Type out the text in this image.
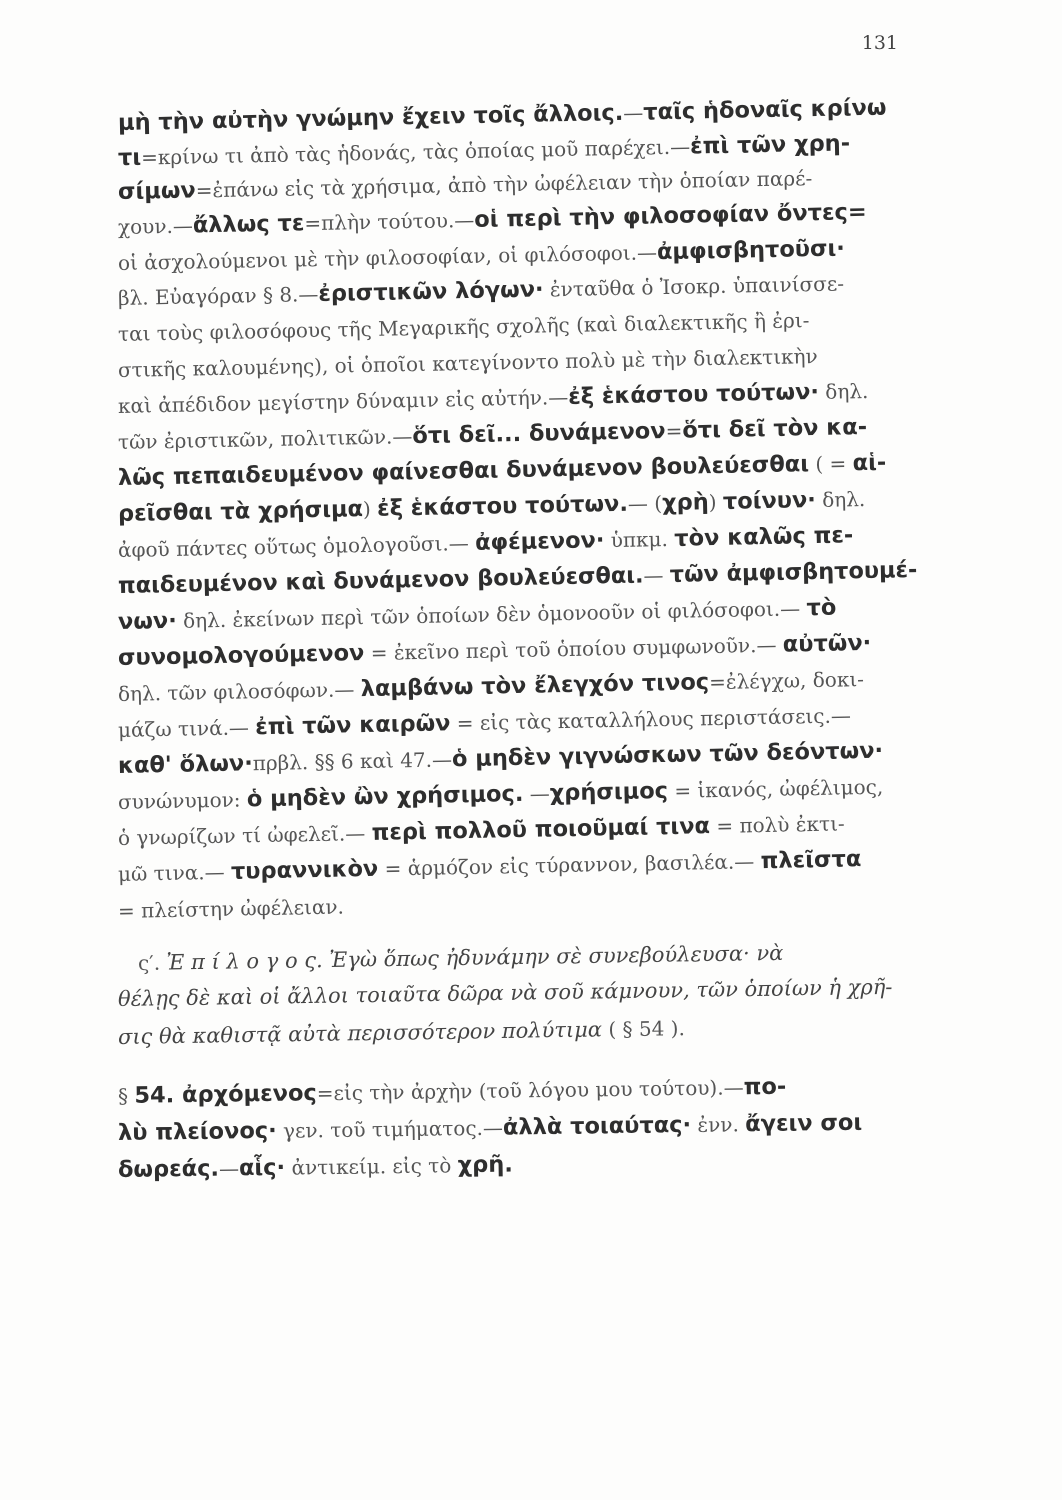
131
μὴ τὴν αὐτὴν γνώμην ἔχειν τοῖς ἄλλοις.—ταῖς ἡδοναῖς κρίνω
τι=κρίνω τι ἀπὸ τὰς ἡδονάς, τὰς ὁποίας μοῦ παρέχει.—ἐπὶ τῶν χρη-
σίμων=ἐπάνω εἰς τὰ χρήσιμα, ἀπὸ τὴν ὠφέλειαν τὴν ὁποίαν παρέ-
χουν.—ἄλλως τε=πλὴν τούτου.—οἱ περὶ τὴν φιλοσοφίαν ὄντες=
οἱ ἀσχολούμενοι μὲ τὴν φιλοσοφίαν, οἱ φιλόσοφοι.—ἀμφισβητοῦσι·
βλ. Εὐαγόραν § 8.—ἐριστικῶν λόγων· ἐνταῦθα ὁ Ἰσοκρ. ὑπαινίσσε-
ται τοὺς φιλοσόφους τῆς Μεγαρικῆς σχολῆς (καὶ διαλεκτικῆς ἢ ἐρι-
στικῆς καλουμένης), οἱ ὁποῖοι κατεγίνοντο πολὺ μὲ τὴν διαλεκτικὴν
καὶ ἀπέδιδον μεγίστην δύναμιν εἰς αὐτήν.—ἐξ ἑκάστου τούτων· δηλ.
τῶν ἐριστικῶν, πολιτικῶν.—ὅτι δεῖ... δυνάμενον=ὅτι δεῖ τὸν κα-
λῶς πεπαιδευμένον φαίνεσθαι δυνάμενον βουλεύεσθαι ( = αἱ-
ρεῖσθαι τὰ χρήσιμα) ἐξ ἑκάστου τούτων.— (χρὴ) τοίνυν· δηλ.
ἀφοῦ πάντες οὕτως ὁμολογοῦσι.— ἀφέμενον· ὑπκμ. τὸν καλῶς πε-
παιδευμένον καὶ δυνάμενον βουλεύεσθαι.— τῶν ἀμφισβητουμέ-
νων· δηλ. ἐκείνων περὶ τῶν ὁποίων δὲν ὁμονοοῦν οἱ φιλόσοφοι.— τὸ
συνομολογούμενον = ἐκεῖνο περὶ τοῦ ὁποίου συμφωνοῦν.— αὐτῶν·
δηλ. τῶν φιλοσόφων.— λαμβάνω τὸν ἔλεγχόν τινος=ἐλέγχω, δοκι-
μάζω τινά.— ἐπὶ τῶν καιρῶν = εἰς τὰς καταλλήλους περιστάσεις.—
καθ' ὅλων·πρβλ. §§ 6 καὶ 47.—ὁ μηδὲν γιγνώσκων τῶν δεόντων·
συνώνυμον: ὁ μηδὲν ὢν χρήσιμος. —χρήσιμος = ἱκανός, ὠφέλιμος,
ὁ γνωρίζων τί ὠφελεῖ.— περὶ πολλοῦ ποιοῦμαί τινα = πολὺ ἐκτι-
μῶ τινα.— τυραννικὸν = ἁρμόζον εἰς τύραννον, βασιλέα.— πλεῖστα
= πλείστην ὠφέλειαν.
ς′. Ἐ π ί λ ο γ ο ς. Ἐγὼ ὅπως ἠδυνάμην σὲ συνεβούλευσα· νὰ
θέλῃς δὲ καὶ οἱ ἄλλοι τοιαῦτα δῶρα νὰ σοῦ κάμνουν, τῶν ὁποίων ἡ χρῆ-
σις θὰ καθιστᾷ αὐτὰ περισσότερον πολύτιμα ( § 54 ).
§ 54. ἀρχόμενος=εἰς τὴν ἀρχὴν (τοῦ λόγου μου τούτου).—πο-
λὺ πλείονος· γεν. τοῦ τιμήματος.—ἀλλὰ τοιαύτας· ἐνν. ἄγειν σοι
δωρεάς.—αἷς· ἀντικείμ. εἰς τὸ χρῆ.
